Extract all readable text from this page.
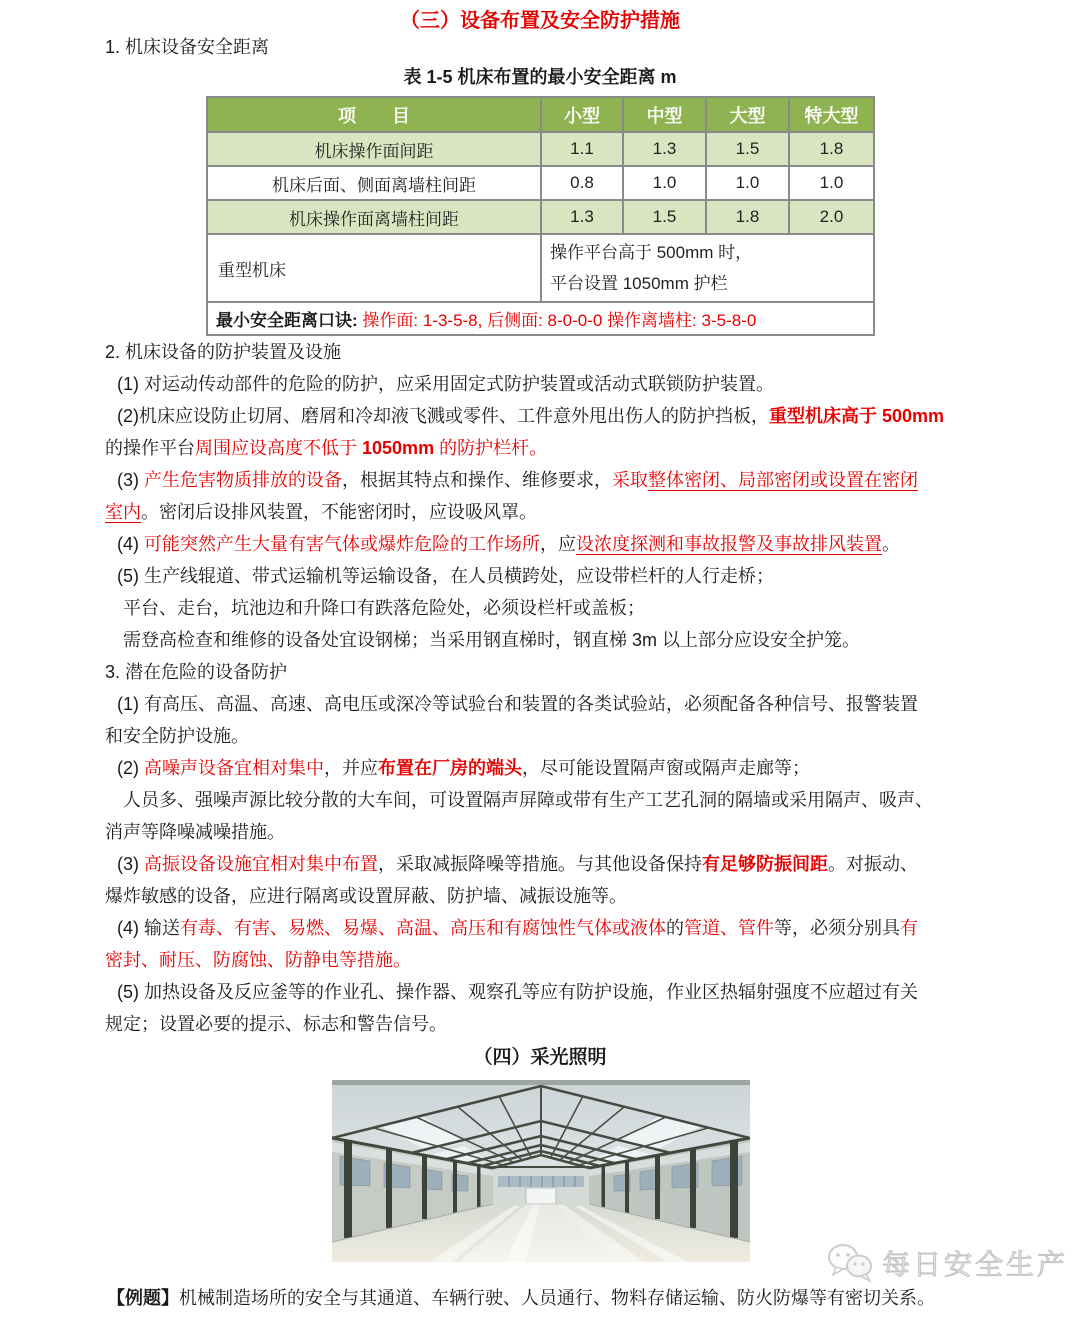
（三）设备布置及安全防护措施
1. 机床设备安全距离
表 1-5 机床布置的最小安全距离 m
项　　目	小型	中型	大型	特大型
机床操作面间距	1.1	1.3	1.5	1.8
机床后面、侧面离墙柱间距	0.8	1.0	1.0	1.0
机床操作面离墙柱间距	1.3	1.5	1.8	2.0
重型机床	操作平台高于 500mm 时，
平台设置 1050mm 护栏			

最小安全距离口诀: 操作面: 1-3-5-8, 后侧面: 8-0-0-0 操作离墙柱: 3-5-8-0				
2. 机床设备的防护装置及设施
(1) 对运动传动部件的危险的防护，应采用固定式防护装置或活动式联锁防护装置。
(2)机床应设防止切屑、磨屑和冷却液飞溅或零件、工件意外甩出伤人的防护挡板，重型机床高于 500mm
的操作平台周围应设高度不低于 1050mm 的防护栏杆。
(3) 产生危害物质排放的设备，根据其特点和操作、维修要求，采取整体密闭、局部密闭或设置在密闭
室内。密闭后设排风装置，不能密闭时，应设吸风罩。
(4) 可能突然产生大量有害气体或爆炸危险的工作场所，应设浓度探测和事故报警及事故排风装置。
(5) 生产线辊道、带式运输机等运输设备，在人员横跨处，应设带栏杆的人行走桥；
平台、走台，坑池边和升降口有跌落危险处，必须设栏杆或盖板；
需登高检查和维修的设备处宜设钢梯；当采用钢直梯时，钢直梯 3m 以上部分应设安全护笼。
3. 潜在危险的设备防护
(1) 有高压、高温、高速、高电压或深冷等试验台和装置的各类试验站，必须配备各种信号、报警装置
和安全防护设施。
(2) 高噪声设备宜相对集中，并应布置在厂房的端头，尽可能设置隔声窗或隔声走廊等；
人员多、强噪声源比较分散的大车间，可设置隔声屏障或带有生产工艺孔洞的隔墙或采用隔声、吸声、
消声等降噪减噪措施。
(3) 高振设备设施宜相对集中布置，采取减振降噪等措施。与其他设备保持有足够防振间距。对振动、
爆炸敏感的设备，应进行隔离或设置屏蔽、防护墙、减振设施等。
(4) 输送有毒、有害、易燃、易爆、高温、高压和有腐蚀性气体或液体的管道、管件等，必须分别具有
密封、耐压、防腐蚀、防静电等措施。
(5) 加热设备及反应釜等的作业孔、操作器、观察孔等应有防护设施，作业区热辐射强度不应超过有关
规定；设置必要的提示、标志和警告信号。
（四）采光照明
【例题】机械制造场所的安全与其通道、车辆行驶、人员通行、物料存储运输、防火防爆等有密切关系。
每日安全生产
